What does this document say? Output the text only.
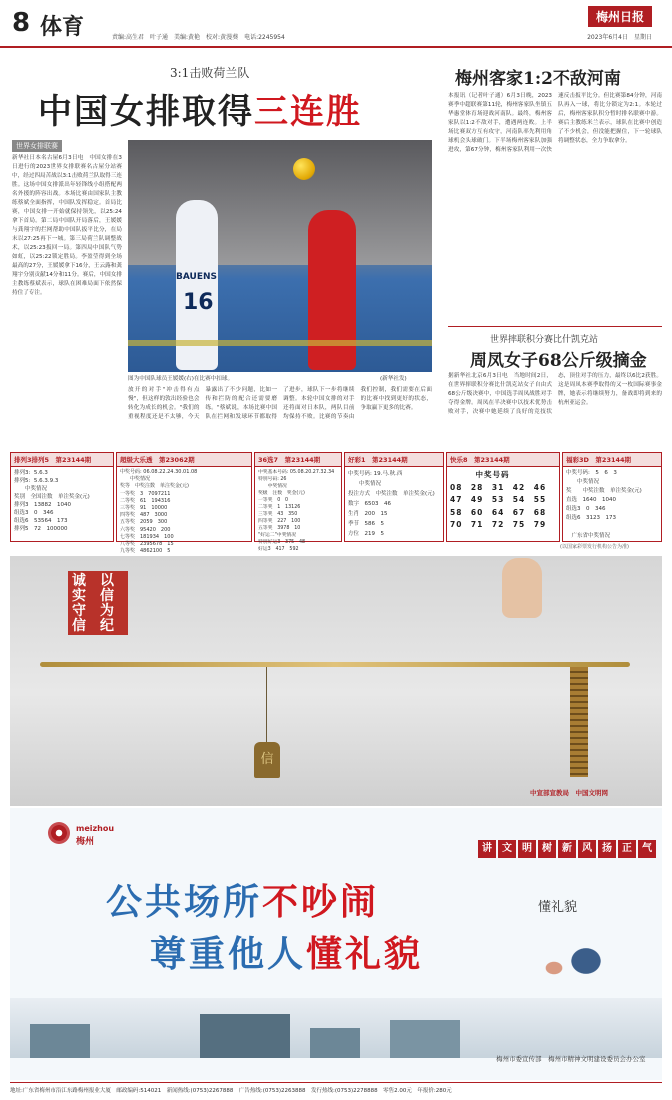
8 体育	责编:高生君　叶子通　美编:黄艳　校对:黄漫葵　电话:2245954
梅州日报
2023年6月4日　星期日
3:1击败荷兰队
中国女排取得三连胜
世界女排联赛
新华社日本名古屋6月3日电　中国女排在3日进行的2023世界女排联赛名古屋分站赛中，经过四局苦战以3:1击败荷兰队取得三连胜。这场中国女排派出年轻锋线小组搭配两名外援的阵容出战。本场比赛由国家队主教练蔡斌全面指挥，中国队发挥稳定。首局比赛，中国女排一开始就保持领先，以25:24拿下首局。第二局中国队开局落后，王媛媛与龚翔宇的拦网帮助中国队扳平比分，在局末以27:25再下一城。第三局荷兰队调整战术，以25:23扳回一局。第四局中国队气势如虹，以25:22锁定胜局。李盈莹得到全场最高的27分，王媛媛拿下16分，王云蕗和龚翔宇分别贡献14分和11分。赛后，中国女排主教练蔡斌表示，球队在困难局面下依然保持住了专注。
BAUENS
16
图为中国队球员王媛媛(右)在比赛中扣球。	(新华社发)
放开的对手"冲击得有点慢"，但这样的敦出经验也会转化为成长的机会。"我们的重视程度还是不太够，今天暴露出了不少问题，比如一传和拦防的配合还需要磨练。"蔡斌说，本场比赛中国队在拦网和发球环节都取得了进步，球队下一步将继续调整。本轮中国女排的对手还将面对日本队，两队目前均保持不败。比赛的节奏由我们控制，我们需要在后面的比赛中找到更好的状态，争取赢下更多的比赛。
梅州客家1:2不敌河南
本报讯（记者叶子通）6月3日晚，2023赛季中超联赛第11轮，梅州客家队坐镇五华惠堂体育场迎战河南队。最终，梅州客家队以1:2不敌对手，遭遇两连败。上半场比赛双方互有攻守，河南队率先利用角球机会头球破门。下半场梅州客家队加强进攻，第67分钟，梅州客家队利用一次快速反击扳平比分。但比赛第84分钟，河南队再入一球，将比分锁定为2:1。本轮过后，梅州客家队积分暂时排名联赛中游。赛后主教练米兰表示，球队在比赛中创造了不少机会，但没能把握住，下一轮球队将调整状态，全力争取拿分。
世界摔联积分赛比什凯克站
周凤女子68公斤级摘金
据新华社北京6月3日电　当地时间2日，在世界摔联积分赛比什凯克站女子自由式68公斤级决赛中，中国选手周凤战胜对手夺得金牌。周凤在半决赛中以技术优势击败对手，决赛中她延续了良好的竞技状态，顶住对手的压力，最终以6比2获胜。这是周凤本赛季取得的又一枚国际赛事金牌，她表示将继续努力，备战即将到来的杭州亚运会。
排列3排列5　第23144期
排列3:  5.6.3
排列5:  5.6.3.9.3
　　中奖情况
奖别　全国注数　单注奖金(元)
排列3　13882　1040
组选3　0　346
组选6　53564　173
排列5　72　100000
超级大乐透　第23062期
中奖号码: 06.08.22.24.30.01.08
　　中奖情况
奖等　中奖注数　单注奖金(元)
一等奖　3　7097211
二等奖　61　194316
三等奖　91　10000
四等奖　487　3000
五等奖　2059　300
六等奖　95420　200
七等奖　181934　100
八等奖　2395678　15
九等奖　4862100　5
36选7　第23144期
中奖基本号码: 05.08.20.27.32.34
特别号码: 26
　　中奖情况
奖级　注数　奖金(元)
一等奖　0　0
二等奖　1　13126
三等奖　43　350
四等奖　227　100
五等奖　3978　10
"好运二"中奖情况
特别好运3　375　48
好运3　417　592
好彩1　第23144期
中奖号码: 19.马.秋.西
　　中奖情况
投注方式　中奖注数　单注奖金(元)
数字　6503　46
生肖　200　15
季节　586　5
方位　219　5
快乐8　第23144期
　　　中奖号码
08　28　31　42　46
47　49　53　54　55
58　60　64　67　68
70　71　72　75　79
福彩3D　第23144期
中奖号码:　5　6　3
　　中奖情况
奖　　中奖注数　单注奖金(元)
直选　1640　1040
组选3　0　346
组选6　3123　173

　广东省中奖情况
(以国家彩票发行机构公告为准)
诚实守信
以信为纪
信
中宣部宣教局　中国文明网
meizhou
梅州
讲 文 明 树 新 风 扬 正 气
公共场所不吵闹
尊重他人懂礼貌
懂礼貌
梅州市委宣传部　梅州市精神文明建设委员会办公室
地址:广东省梅州市沿江东路梅州报业大厦　邮政编码:514021　新闻热线:(0753)2267888　广告热线:(0753)2263888　发行热线:(0753)2278888　零售2.00元　年报价:280元
